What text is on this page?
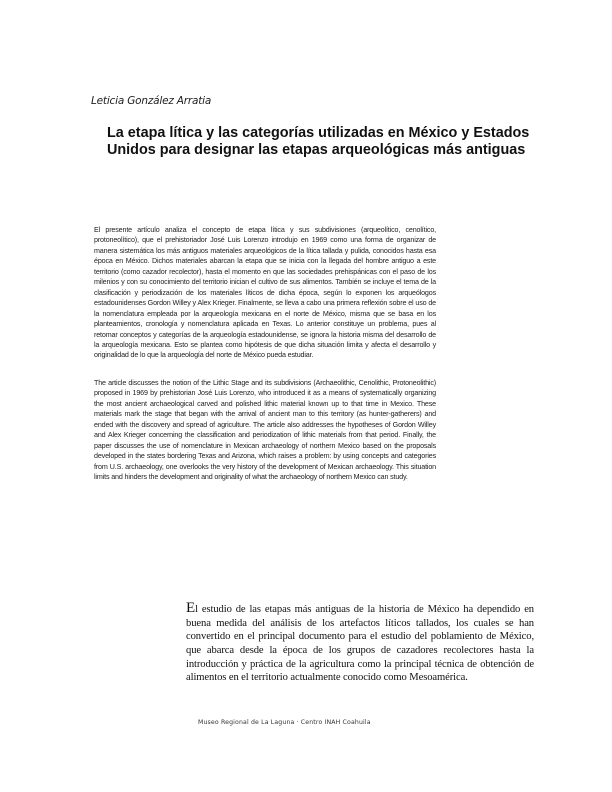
Leticia González Arratia
La etapa lítica y las categorías utilizadas en México y Estados Unidos para designar las etapas arqueológicas más antiguas

El presente artículo analiza el concepto de etapa lítica y sus subdivisiones (arqueolítico, cenolítico, protoneolítico), que el prehistoriador José Luis Lorenzo introdujo en 1969 como una forma de organizar de manera sistemática los más antiguos materiales arqueológicos de la lítica tallada y pulida, conocidos hasta esa época en México. Dichos materiales abarcan la etapa que se inicia con la llegada del hombre antiguo a este territorio (como cazador recolector), hasta el momento en que las sociedades prehispánicas con el paso de los milenios y con su conocimiento del territorio inician el cultivo de sus alimentos. También se incluye el tema de la clasificación y periodización de los materiales líticos de dicha época, según lo exponen los arqueólogos estadounidenses Gordon Willey y Alex Krieger. Finalmente, se lleva a cabo una primera reflexión sobre el uso de la nomenclatura empleada por la arqueología mexicana en el norte de México, misma que se basa en los planteamientos, cronología y nomenclatura aplicada en Texas. Lo anterior constituye un problema, pues al retomar conceptos y categorías de la arqueología estadounidense, se ignora la historia misma del desarrollo de la arqueología mexicana. Esto se plantea como hipótesis de que dicha situación limita y afecta el desarrollo y originalidad de lo que la arqueología del norte de México pueda estudiar.

The article discusses the notion of the Lithic Stage and its subdivisions (Archaeolithic, Cenolithic, Protoneolithic) proposed in 1969 by prehistorian José Luis Lorenzo, who introduced it as a means of systematically organizing the most ancient archaeological carved and polished lithic material known up to that time in Mexico. These materials mark the stage that began with the arrival of ancient man to this territory (as hunter-gatherers) and ended with the discovery and spread of agriculture. The article also addresses the hypotheses of Gordon Willey and Alex Krieger concerning the classification and periodization of lithic materials from that period. Finally, the paper discusses the use of nomenclature in Mexican archaeology of northern Mexico based on the proposals developed in the states bordering Texas and Arizona, which raises a problem: by using concepts and categories from U.S. archaeology, one overlooks the very history of the development of Mexican archaeology. This situation limits and hinders the development and originality of what the archaeology of northern Mexico can study.

El estudio de las etapas más antiguas de la historia de México ha dependido en buena medida del análisis de los artefactos líticos tallados, los cuales se han convertido en el principal documento para el estudio del poblamiento de México, que abarca desde la época de los grupos de cazadores recolectores hasta la introducción y práctica de la agricultura como la principal técnica de obtención de alimentos en el territorio actualmente conocido como Mesoamérica.

Museo Regional de La Laguna · Centro INAH Coahuila
